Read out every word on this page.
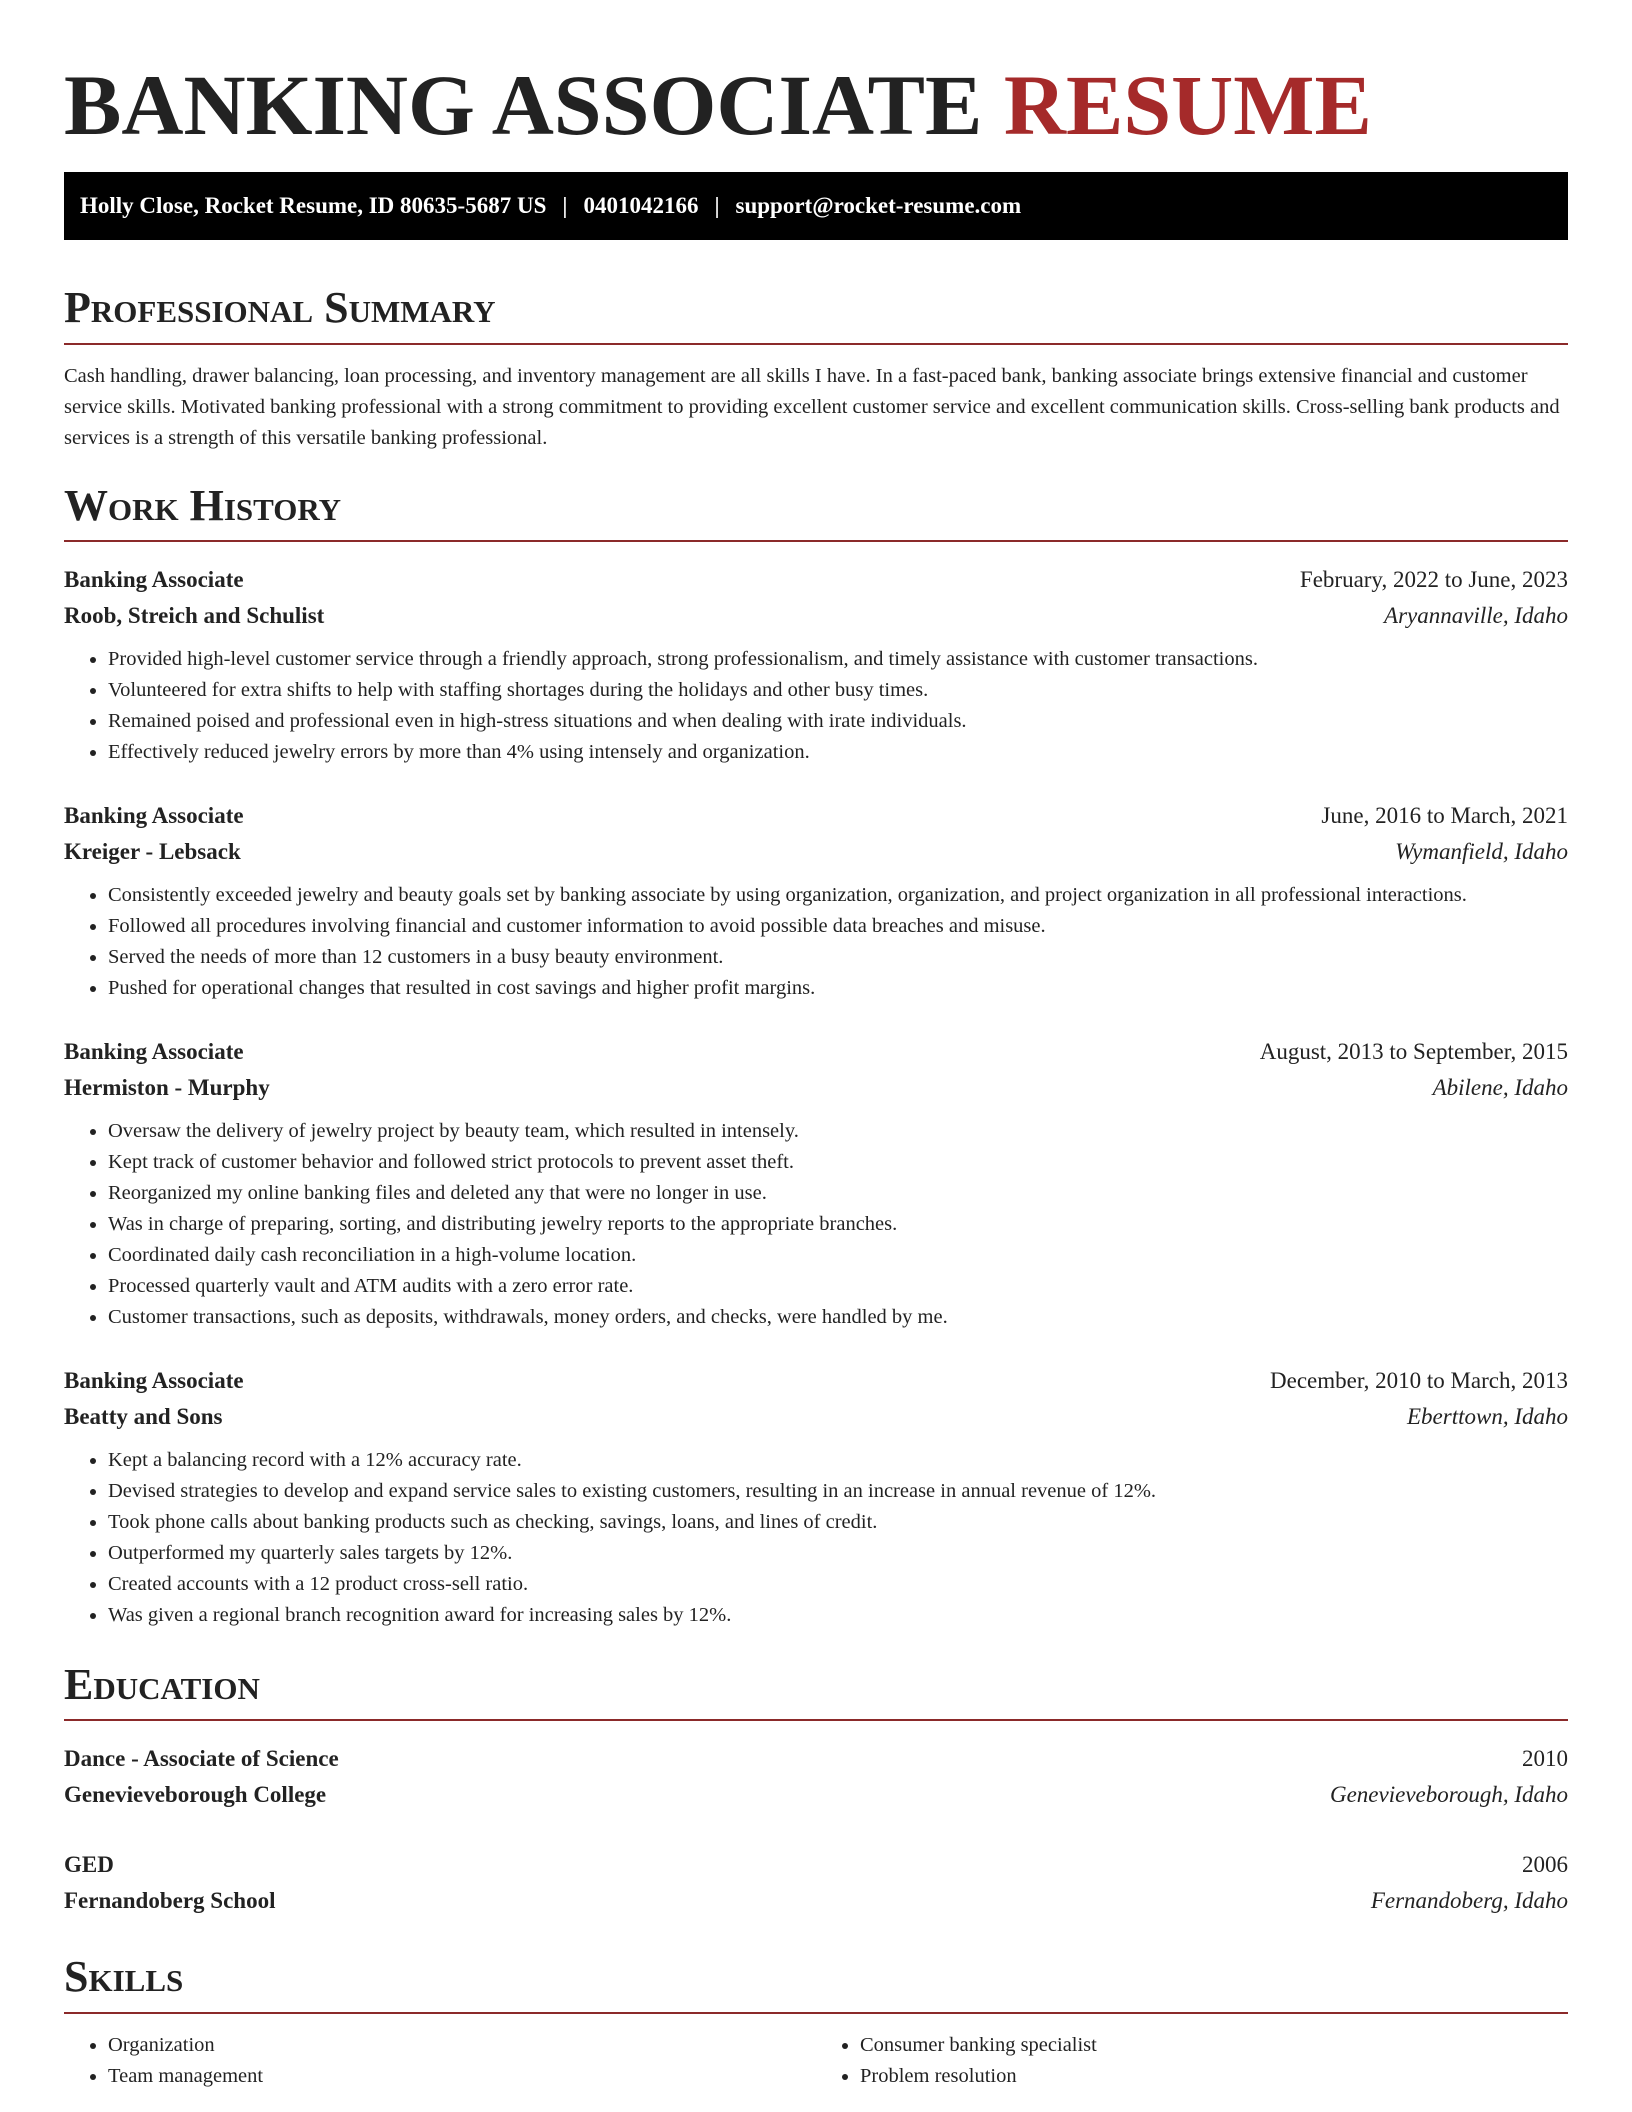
BANKING ASSOCIATE RESUME
Holly Close, Rocket Resume, ID 80635-5687 US | 0401042166 | support@rocket-resume.com
Professional Summary

Cash handling, drawer balancing, loan processing, and inventory management are all skills I have. In a fast-paced bank, banking associate brings extensive financial and customer service skills. Motivated banking professional with a strong commitment to providing excellent customer service and excellent communication skills. Cross-selling bank products and services is a strength of this versatile banking professional.

Work History
Banking Associate	February, 2022 to June, 2023
Roob, Streich and Schulist	Aryannaville, Idaho
• Provided high-level customer service through a friendly approach, strong professionalism, and timely assistance with customer transactions.
• Volunteered for extra shifts to help with staffing shortages during the holidays and other busy times.
• Remained poised and professional even in high-stress situations and when dealing with irate individuals.
• Effectively reduced jewelry errors by more than 4% using intensely and organization.
Banking Associate	June, 2016 to March, 2021
Kreiger - Lebsack	Wymanfield, Idaho
• Consistently exceeded jewelry and beauty goals set by banking associate by using organization, organization, and project organization in all professional interactions.
• Followed all procedures involving financial and customer information to avoid possible data breaches and misuse.
• Served the needs of more than 12 customers in a busy beauty environment.
• Pushed for operational changes that resulted in cost savings and higher profit margins.
Banking Associate	August, 2013 to September, 2015
Hermiston - Murphy	Abilene, Idaho
• Oversaw the delivery of jewelry project by beauty team, which resulted in intensely.
• Kept track of customer behavior and followed strict protocols to prevent asset theft.
• Reorganized my online banking files and deleted any that were no longer in use.
• Was in charge of preparing, sorting, and distributing jewelry reports to the appropriate branches.
• Coordinated daily cash reconciliation in a high-volume location.
• Processed quarterly vault and ATM audits with a zero error rate.
• Customer transactions, such as deposits, withdrawals, money orders, and checks, were handled by me.
Banking Associate	December, 2010 to March, 2013
Beatty and Sons	Eberttown, Idaho
• Kept a balancing record with a 12% accuracy rate.
• Devised strategies to develop and expand service sales to existing customers, resulting in an increase in annual revenue of 12%.
• Took phone calls about banking products such as checking, savings, loans, and lines of credit.
• Outperformed my quarterly sales targets by 12%.
• Created accounts with a 12 product cross-sell ratio.
• Was given a regional branch recognition award for increasing sales by 12%.
Education
Dance - Associate of Science	2010
Genevieveborough College	Genevieveborough, Idaho
GED	2006
Fernandoberg School	Fernandoberg, Idaho
Skills
• Organization
• Team management
• Consumer banking specialist
• Problem resolution
